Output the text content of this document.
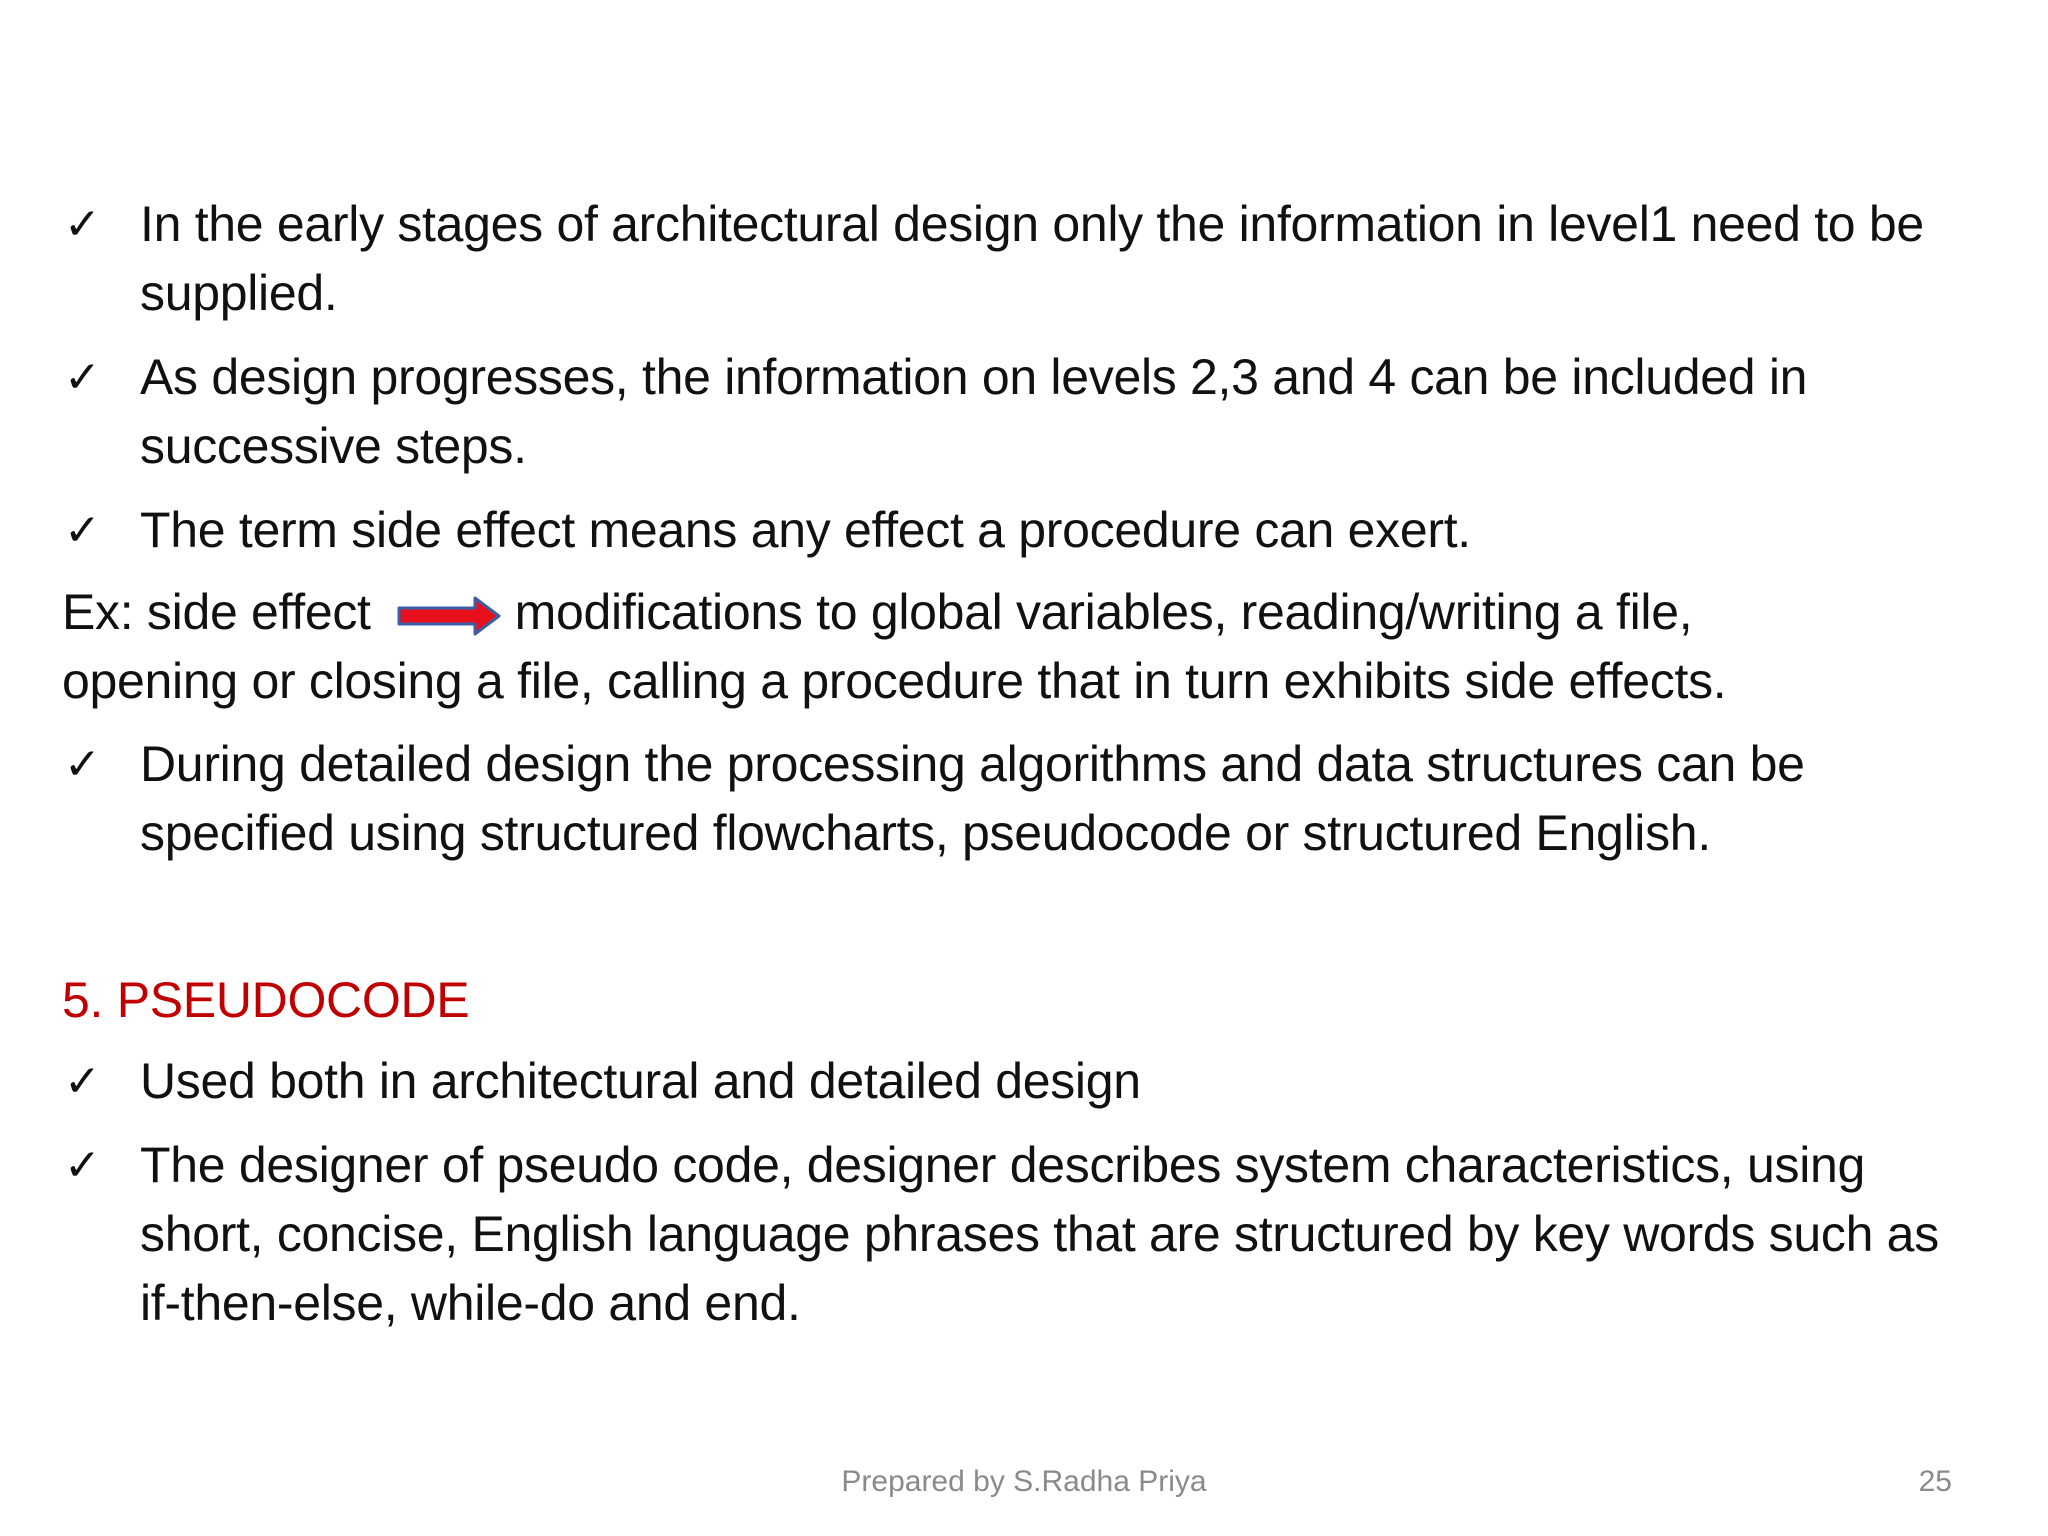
✓ In the early stages of architectural design only the information in level1 need to be supplied.
✓ As design progresses, the information on levels 2,3 and 4 can be included in successive steps.
✓ The term side effect means any effect a procedure can exert.
Ex: side effect	modifications to global variables, reading/writing a file,
opening or closing a file, calling a procedure that in turn exhibits side effects.
✓ During detailed design the processing algorithms and data structures can be specified using structured flowcharts, pseudocode or structured English.
5. PSEUDOCODE
✓ Used both in architectural and detailed design
✓ The designer of pseudo code, designer describes system characteristics, using short, concise, English language phrases that are structured by key words such as if-then-else, while-do and end.
Prepared by S.Radha Priya	25
